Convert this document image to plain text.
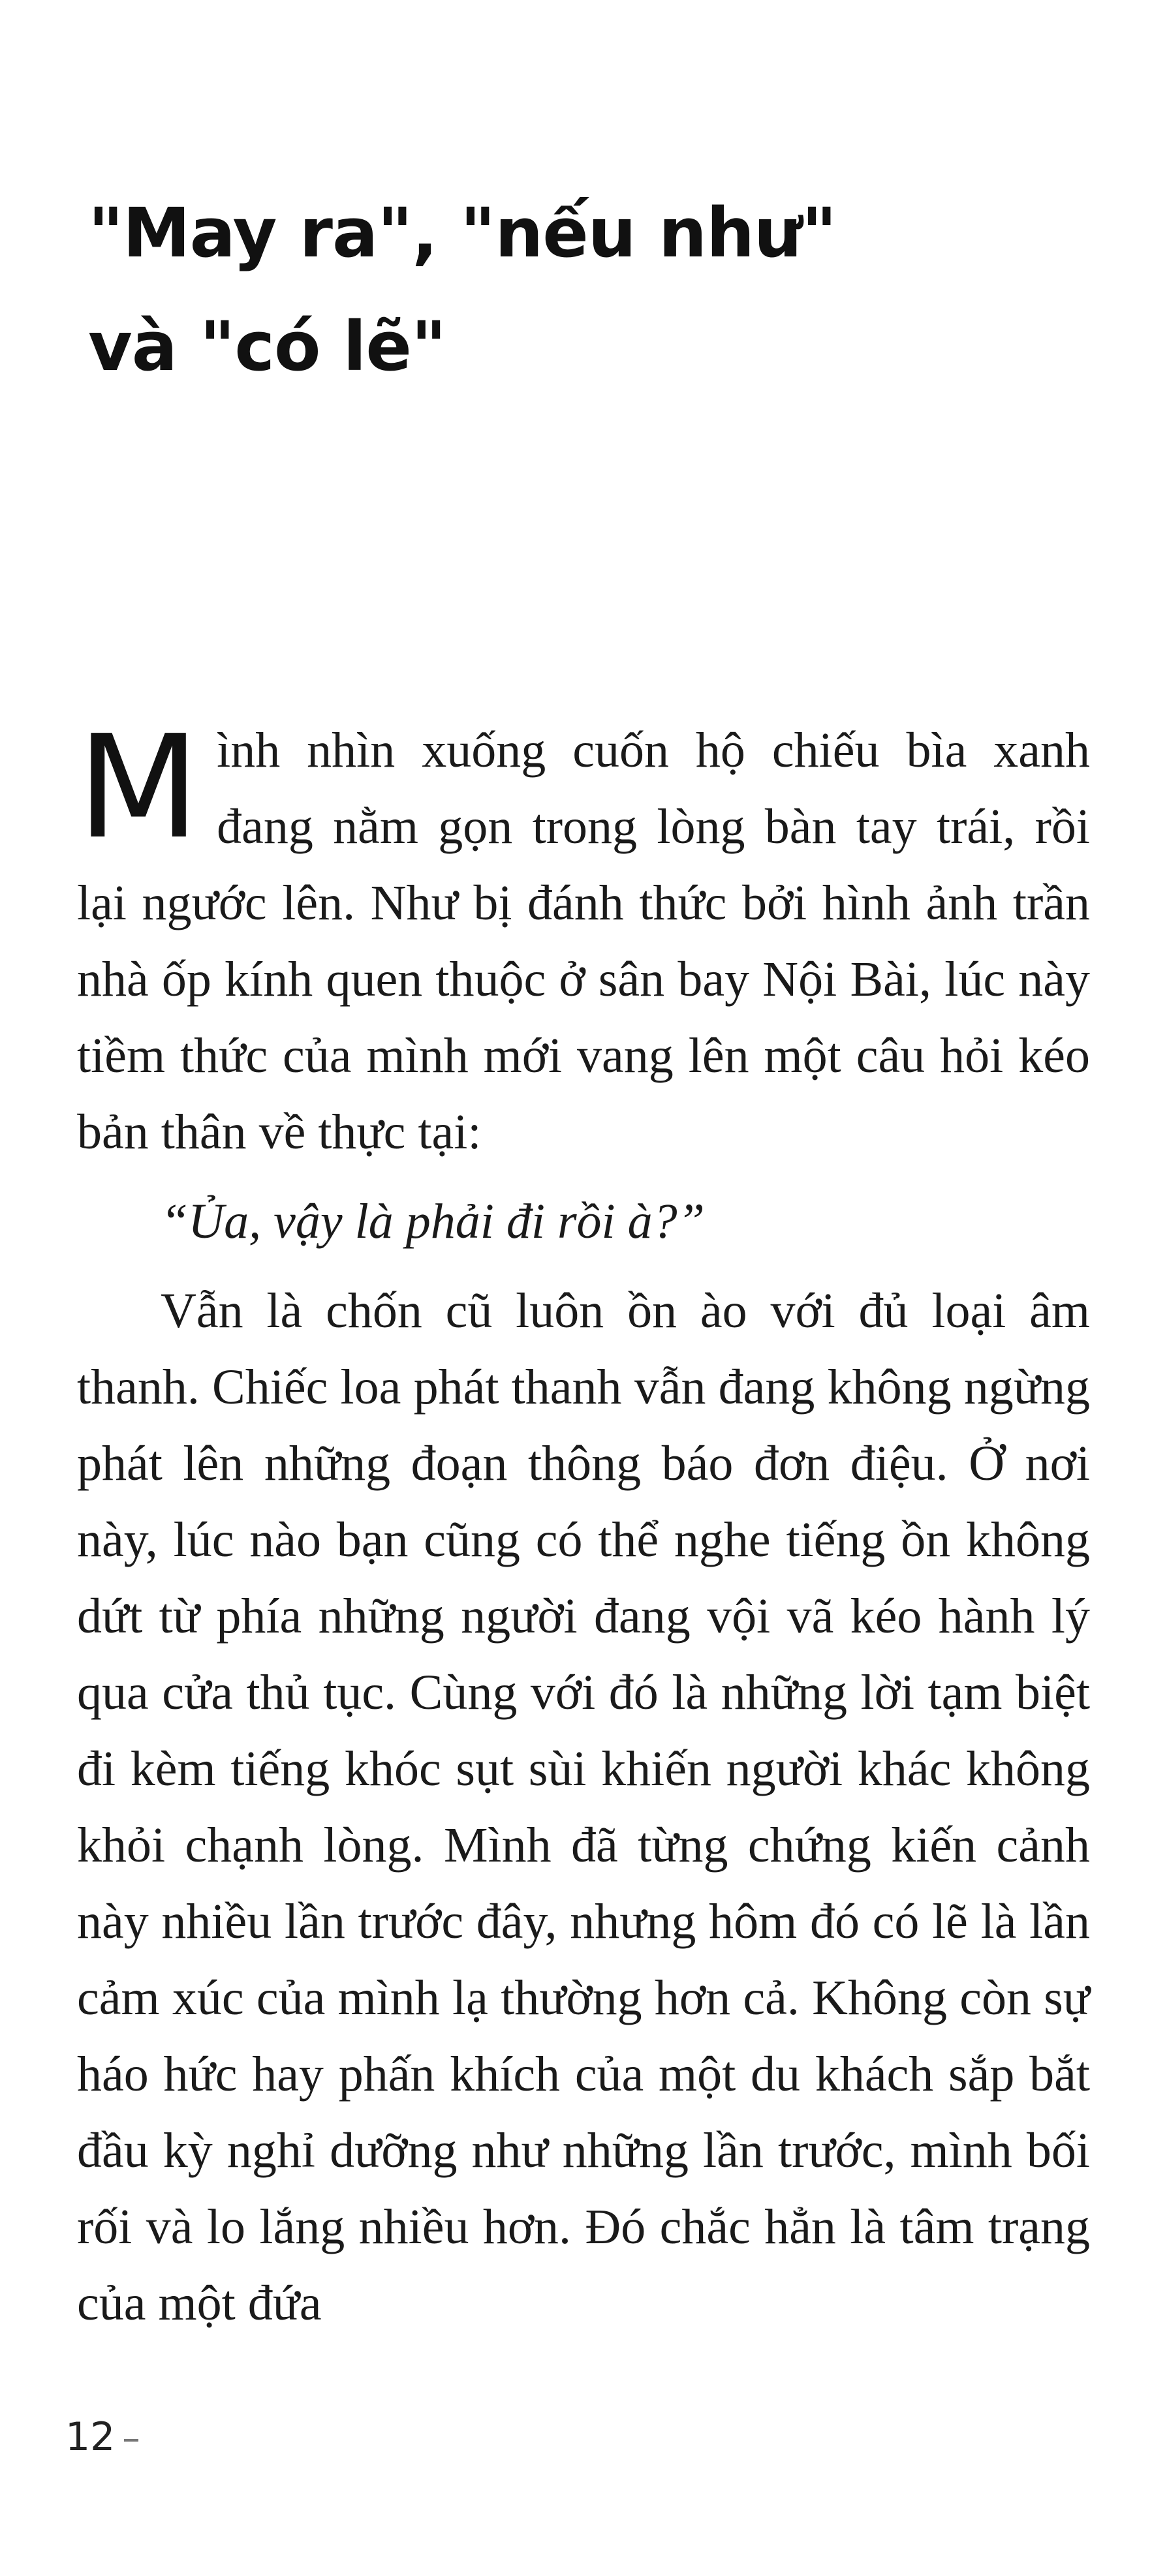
"May ra", "nếu như"
và "có lẽ"

Mình nhìn xuống cuốn hộ chiếu bìa xanh đang nằm gọn trong lòng bàn tay trái, rồi lại ngước lên. Như bị đánh thức bởi hình ảnh trần nhà ốp kính quen thuộc ở sân bay Nội Bài, lúc này tiềm thức của mình mới vang lên một câu hỏi kéo bản thân về thực tại:

“Ủa, vậy là phải đi rồi à?”

Vẫn là chốn cũ luôn ồn ào với đủ loại âm thanh. Chiếc loa phát thanh vẫn đang không ngừng phát lên những đoạn thông báo đơn điệu. Ở nơi này, lúc nào bạn cũng có thể nghe tiếng ồn không dứt từ phía những người đang vội vã kéo hành lý qua cửa thủ tục. Cùng với đó là những lời tạm biệt đi kèm tiếng khóc sụt sùi khiến người khác không khỏi chạnh lòng. Mình đã từng chứng kiến cảnh này nhiều lần trước đây, nhưng hôm đó có lẽ là lần cảm xúc của mình lạ thường hơn cả. Không còn sự háo hức hay phấn khích của một du khách sắp bắt đầu kỳ nghỉ dưỡng như những lần trước, mình bối rối và lo lắng nhiều hơn. Đó chắc hẳn là tâm trạng của một đứa

12
